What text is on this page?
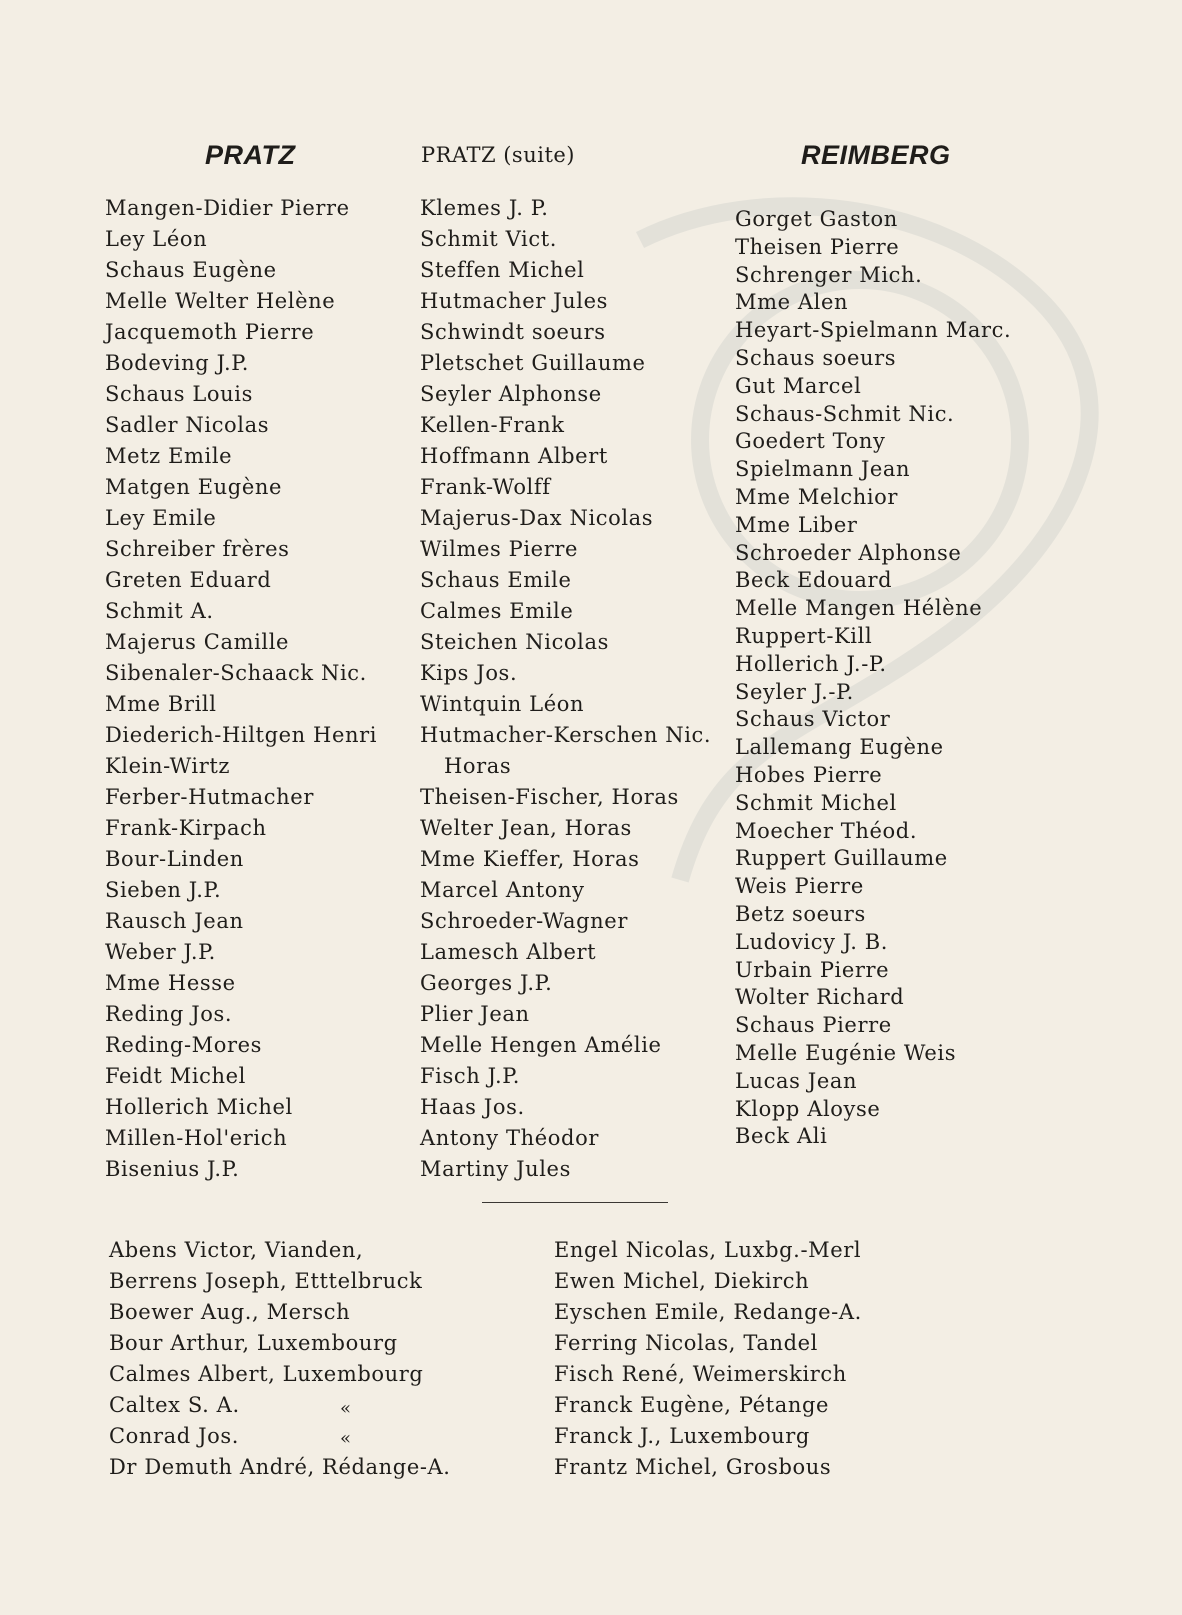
PRATZ	PRATZ (suite)	REIMBERG
Mangen-Didier Pierre
Ley Léon
Schaus Eugène
Melle Welter Helène
Jacquemoth Pierre
Bodeving J.P.
Schaus Louis
Sadler Nicolas
Metz Emile
Matgen Eugène
Ley Emile
Schreiber frères
Greten Eduard
Schmit A.
Majerus Camille
Sibenaler-Schaack Nic.
Mme Brill
Diederich-Hiltgen Henri
Klein-Wirtz
Ferber-Hutmacher
Frank-Kirpach
Bour-Linden
Sieben J.P.
Rausch Jean
Weber J.P.
Mme Hesse
Reding Jos.
Reding-Mores
Feidt Michel
Hollerich Michel
Millen-Hol'erich
Bisenius J.P.
Klemes J. P.
Schmit Vict.
Steffen Michel
Hutmacher Jules
Schwindt soeurs
Pletschet Guillaume
Seyler Alphonse
Kellen-Frank
Hoffmann Albert
Frank-Wolff
Majerus-Dax Nicolas
Wilmes Pierre
Schaus Emile
Calmes Emile
Steichen Nicolas
Kips Jos.
Wintquin Léon
Hutmacher-Kerschen Nic.
Horas
Theisen-Fischer, Horas
Welter Jean, Horas
Mme Kieffer, Horas
Marcel Antony
Schroeder-Wagner
Lamesch Albert
Georges J.P.
Plier Jean
Melle Hengen Amélie
Fisch J.P.
Haas Jos.
Antony Théodor
Martiny Jules
Gorget Gaston
Theisen Pierre
Schrenger Mich.
Mme Alen
Heyart-Spielmann Marc.
Schaus soeurs
Gut Marcel
Schaus-Schmit Nic.
Goedert Tony
Spielmann Jean
Mme Melchior
Mme Liber
Schroeder Alphonse
Beck Edouard
Melle Mangen Hélène
Ruppert-Kill
Hollerich J.-P.
Seyler J.-P.
Schaus Victor
Lallemang Eugène
Hobes Pierre
Schmit Michel
Moecher Théod.
Ruppert Guillaume
Weis Pierre
Betz soeurs
Ludovicy J. B.
Urbain Pierre
Wolter Richard
Schaus Pierre
Melle Eugénie Weis
Lucas Jean
Klopp Aloyse
Beck Ali
Abens Victor, Vianden,
Berrens Joseph, Etttelbruck
Boewer Aug., Mersch
Bour Arthur, Luxembourg
Calmes Albert, Luxembourg
Caltex S. A.
Conrad Jos.
Dr Demuth André, Rédange-A.
Engel Nicolas, Luxbg.-Merl
Ewen Michel, Diekirch
Eyschen Emile, Redange-A.
Ferring Nicolas, Tandel
Fisch René, Weimerskirch
Franck Eugène, Pétange
Franck J., Luxembourg
Frantz Michel, Grosbous
«
«
